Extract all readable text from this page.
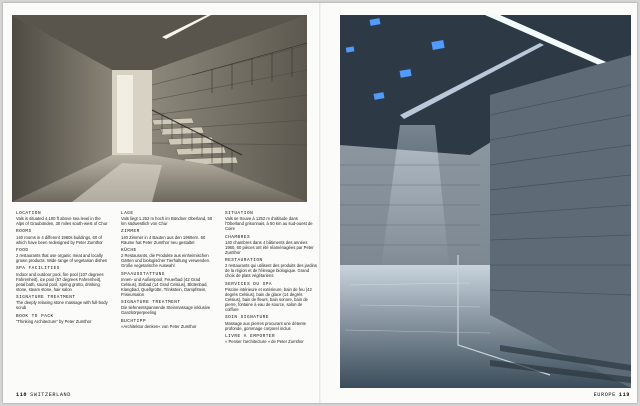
LOCATION
Vals is situated 4,100 ft above sea level in the Alps of Graubünden, 30 miles south-west of Chur
ROOMS
140 rooms in 4 different 1960s buildings, 60 of which have been redesigned by Peter Zumthor
FOOD
2 restaurants that use organic meat and locally grown products. Wide range of vegetarian dishes
SPA FACILITIES
Indoor and outdoor pool, fire pool (107 degrees Fahrenheit), ice pool (57 degrees Fahrenheit), petal bath, sound pool, spring grotto, drinking stone, steam stone, hair salon
SIGNATURE TREATMENT
The deeply relaxing stone massage with full-body scrub
BOOK TO PACK
“Thinking Architecture” by Peter Zumthor
LAGE
Vals liegt 1.252 m hoch im Bündner Oberland, 50 km südwestlich von Chur
ZIMMER
140 Zimmer in 4 Bauten aus den 1960ern. 60 Räume hat Peter Zumthor neu gestaltet
KÜCHE
2 Restaurants, die Produkte aus einheimischen Gärten und biologischer Tierhaltung verwenden. Große vegetarische Auswahl
SPAAUSSTATTUNG
Innen- und Außenpool, Feuerbad (42 Grad Celsius), Eisbad (14 Grad Celsius), Blütenbad, Klangbad, Quellgrotte, Trinkstein, Dampfstein, Friseursalon
SIGNATURE TREATMENT
Die tiefenentspannende Steinmassage inklusive Ganzkörperpeeling
BUCHTIPP
»Architektur denken« von Peter Zumthor
SITUATION
Vals se trouve à 1252 m d'altitude dans l'Oberland grisonnais, à 50 km au sud-ouest de Coire
CHAMBRES
140 chambres dans 4 bâtiments des années 1960, 60 pièces ont été réaménagées par Peter Zumthor
RESTAURATION
2 restaurants qui utilisent des produits des jardins de la région et de l'élevage biologique. Grand choix de plats végétariens
SERVICES DU SPA
Piscine intérieure et extérieure, bain de feu (42 degrés Celsius), bain de glace (14 degrés Celsius), bain de fleurs, bain sonore, bain de pierre, fontaine à eau de source, salon de coiffure
SOIN SIGNATURE
Massage aux pierres procurant une détente profonde, gommage corporel inclus
LIVRE À EMPORTER
« Penser l'architecture » de Peter Zumthor
118 SWITZERLAND	EUROPE 119
